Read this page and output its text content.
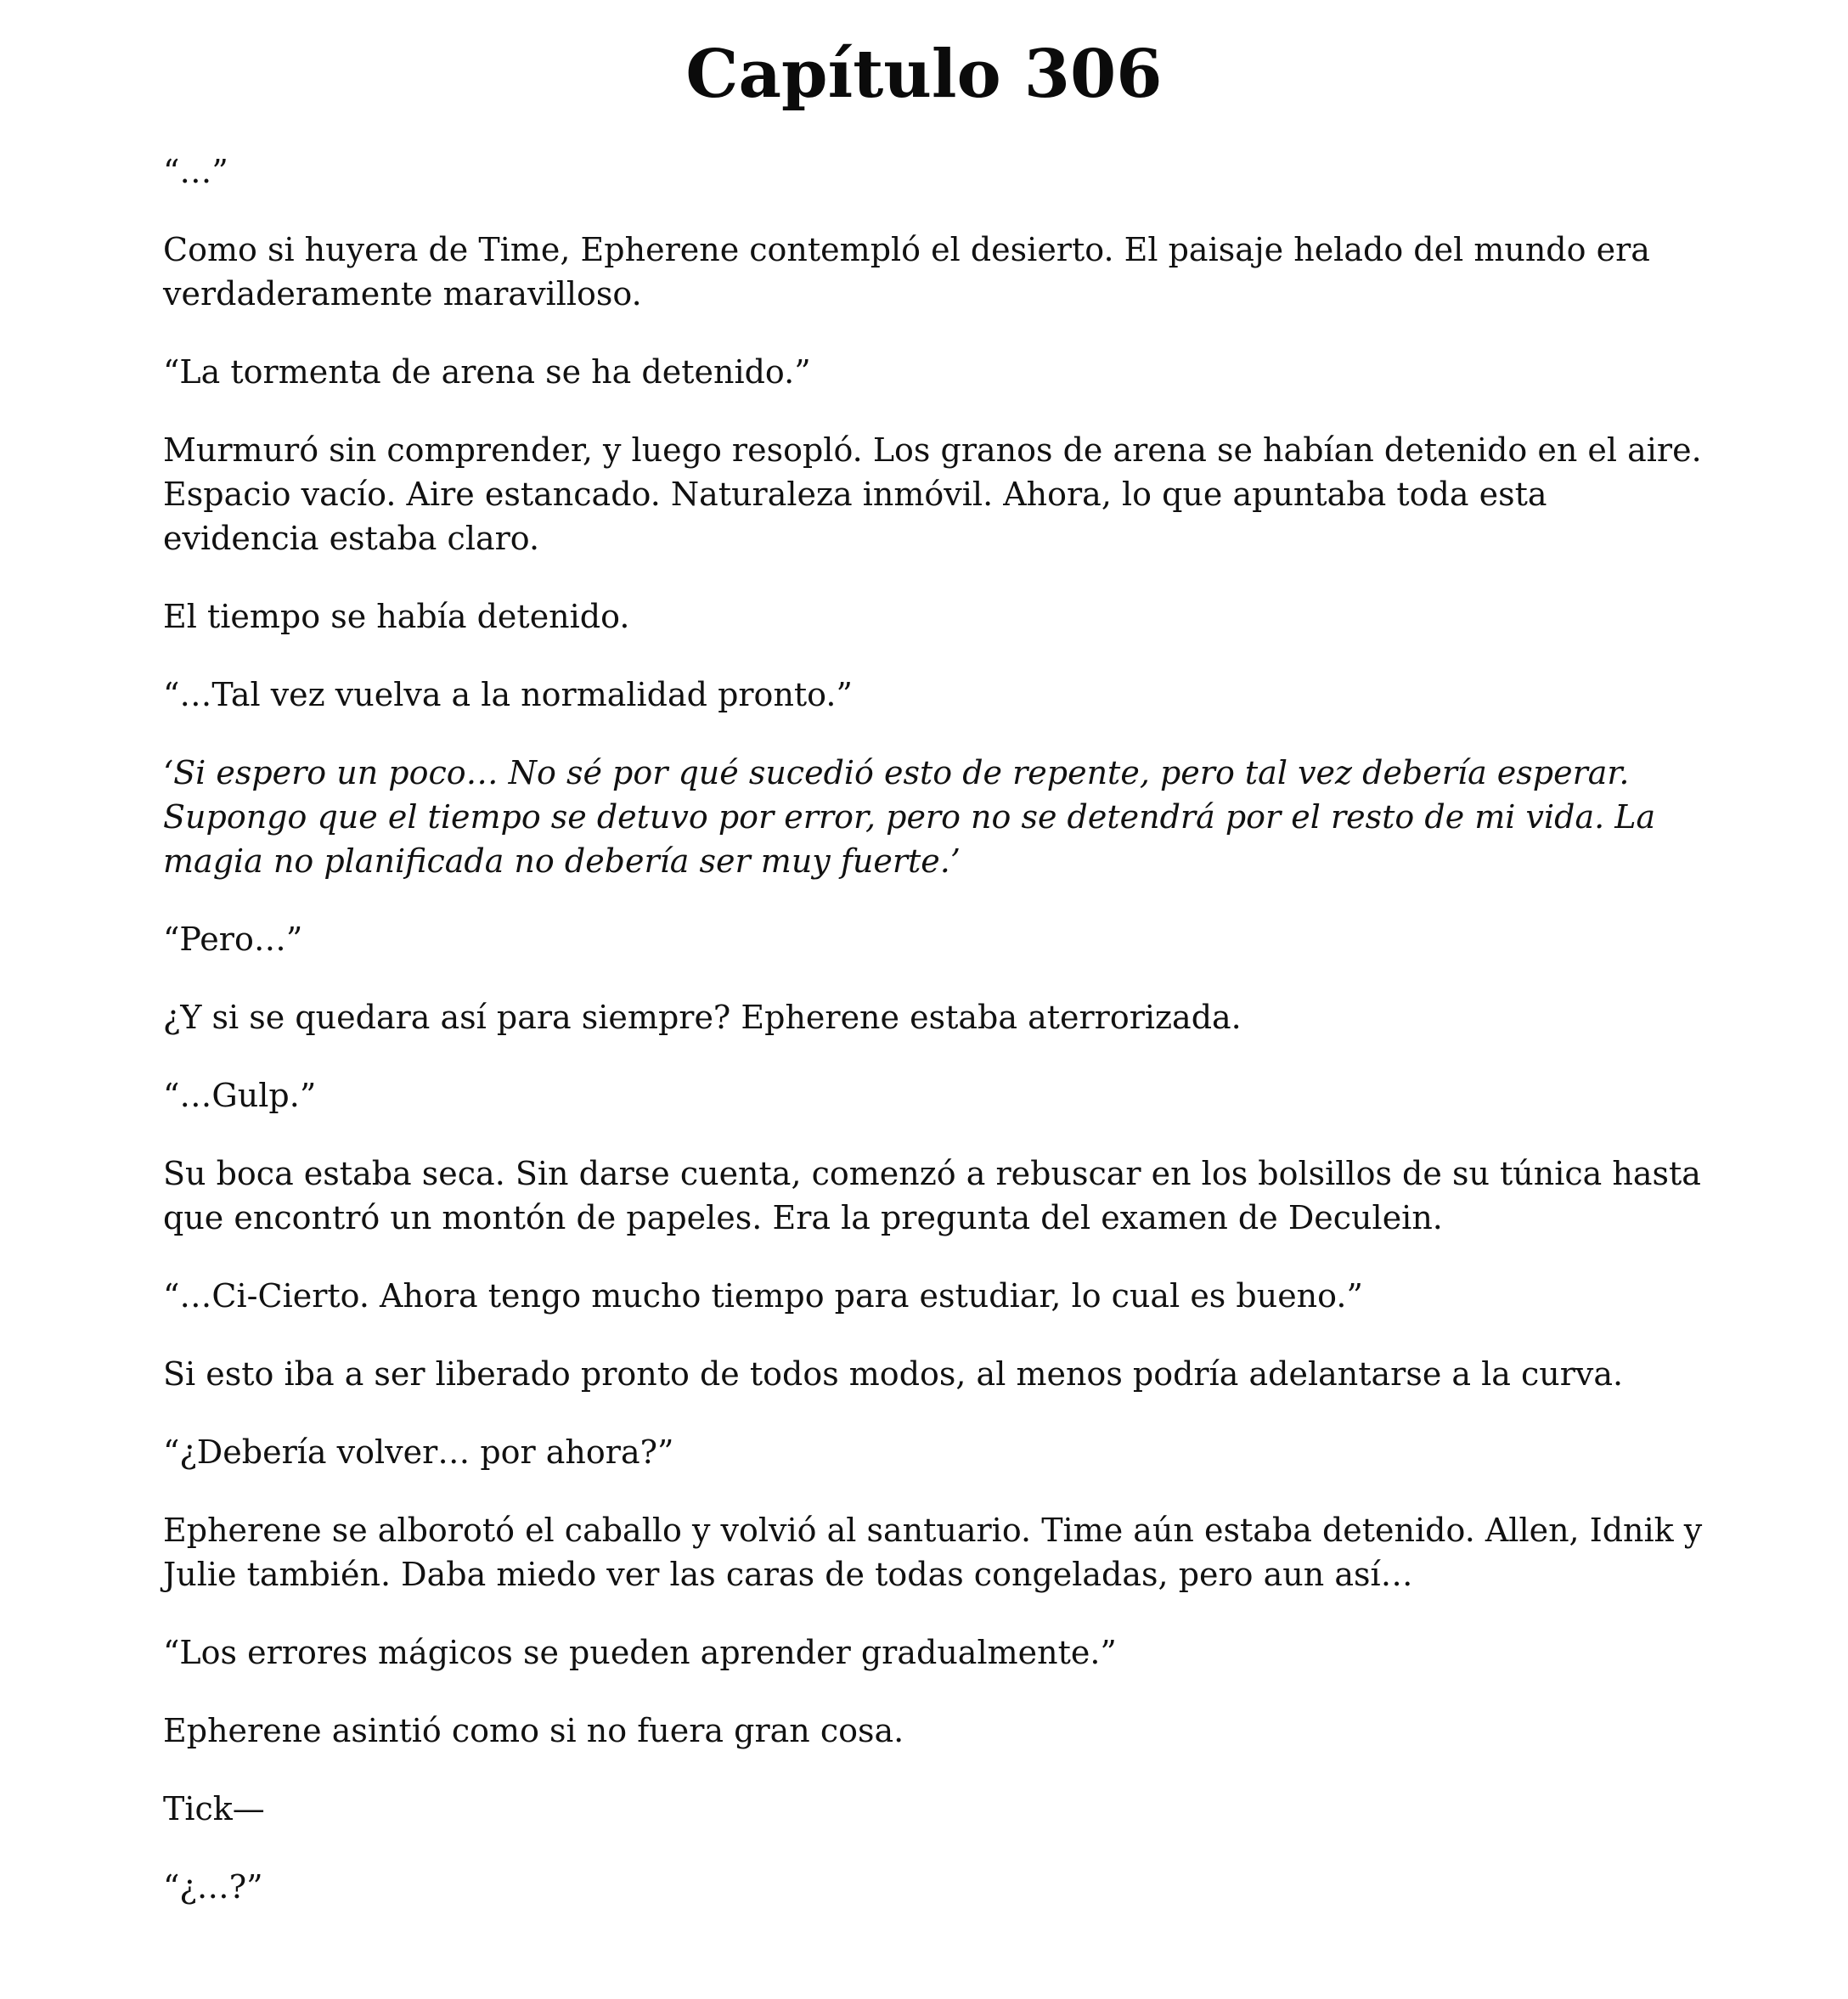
Capítulo 306

“…”

Como si huyera de Time, Epherene contempló el desierto. El paisaje helado del mundo era verdaderamente maravilloso.

“La tormenta de arena se ha detenido.”

Murmuró sin comprender, y luego resopló. Los granos de arena se habían detenido en el aire. Espacio vacío. Aire estancado. Naturaleza inmóvil. Ahora, lo que apuntaba toda esta evidencia estaba claro.

El tiempo se había detenido.

“…Tal vez vuelva a la normalidad pronto.”

‘Si espero un poco… No sé por qué sucedió esto de repente, pero tal vez debería esperar. Supongo que el tiempo se detuvo por error, pero no se detendrá por el resto de mi vida. La magia no planificada no debería ser muy fuerte.’

“Pero…”

¿Y si se quedara así para siempre? Epherene estaba aterrorizada.

“…Gulp.”

Su boca estaba seca. Sin darse cuenta, comenzó a rebuscar en los bolsillos de su túnica hasta que encontró un montón de papeles. Era la pregunta del examen de Deculein.

“…Ci-Cierto. Ahora tengo mucho tiempo para estudiar, lo cual es bueno.”

Si esto iba a ser liberado pronto de todos modos, al menos podría adelantarse a la curva.

“¿Debería volver… por ahora?”

Epherene se alborotó el caballo y volvió al santuario. Time aún estaba detenido. Allen, Idnik y Julie también. Daba miedo ver las caras de todas congeladas, pero aun así…

“Los errores mágicos se pueden aprender gradualmente.”

Epherene asintió como si no fuera gran cosa.

Tick—

“¿…?”
